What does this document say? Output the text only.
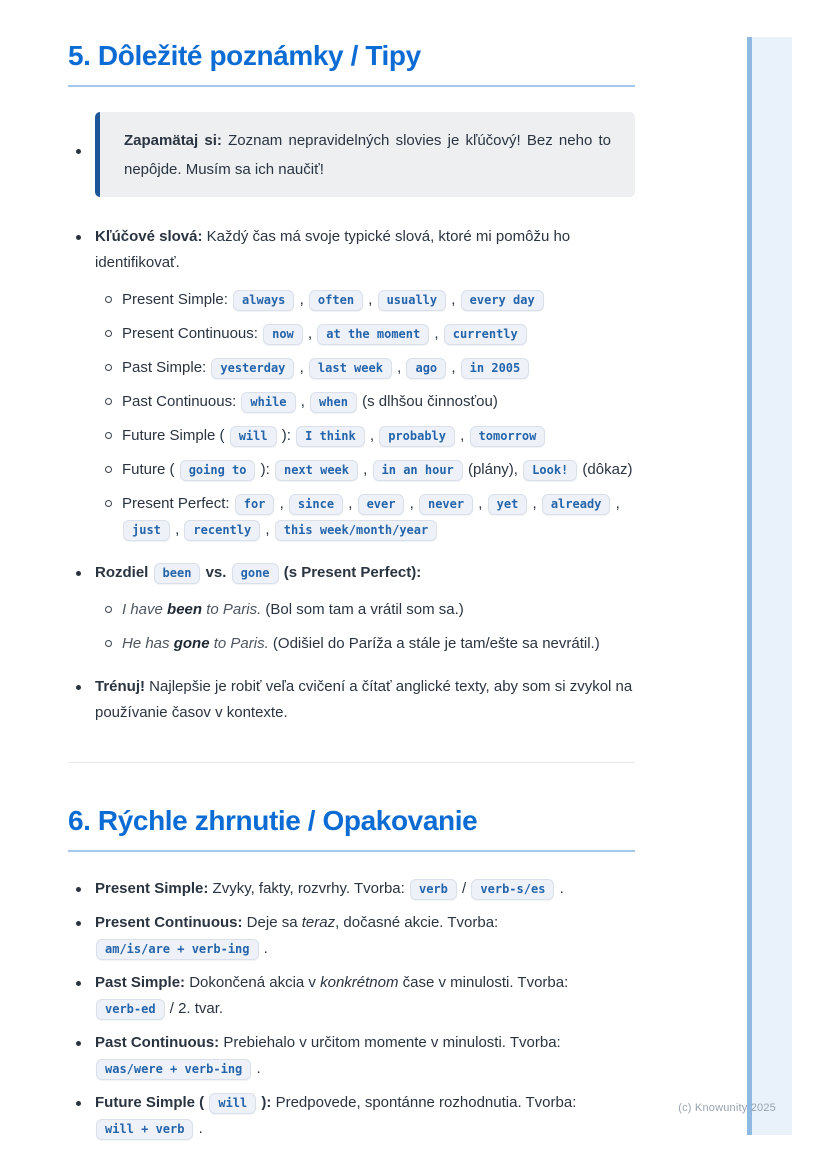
5. Dôležité poznámky / Tipy
Zapamätaj si: Zoznam nepravidelných slovies je kľúčový! Bez neho to nepôjde. Musím sa ich naučiť!
Kľúčové slová: Každý čas má svoje typické slová, ktoré mi pomôžu ho identifikovať.
Present Simple: always , often , usually , every day
Present Continuous: now , at the moment , currently
Past Simple: yesterday , last week , ago , in 2005
Past Continuous: while , when (s dlhšou činnosťou)
Future Simple ( will ): I think , probably , tomorrow
Future ( going to ): next week , in an hour (plány), Look! (dôkaz)
Present Perfect: for , since , ever , never , yet , already , just , recently , this week/month/year
Rozdiel been vs. gone (s Present Perfect):
I have been to Paris. (Bol som tam a vrátil som sa.)
He has gone to Paris. (Odišiel do Paríža a stále je tam/ešte sa nevrátil.)
Trénuj! Najlepšie je robiť veľa cvičení a čítať anglické texty, aby som si zvykol na používanie časov v kontexte.
6. Rýchle zhrnutie / Opakovanie
Present Simple: Zvyky, fakty, rozvrhy. Tvorba: verb / verb-s/es .
Present Continuous: Deje sa teraz, dočasné akcie. Tvorba: am/is/are + verb-ing .
Past Simple: Dokončená akcia v konkrétnom čase v minulosti. Tvorba: verb-ed / 2. tvar.
Past Continuous: Prebiehalo v určitom momente v minulosti. Tvorba: was/were + verb-ing .
Future Simple ( will ): Predpovede, spontánne rozhodnutia. Tvorba: will + verb .
(c) Knowunity 2025
